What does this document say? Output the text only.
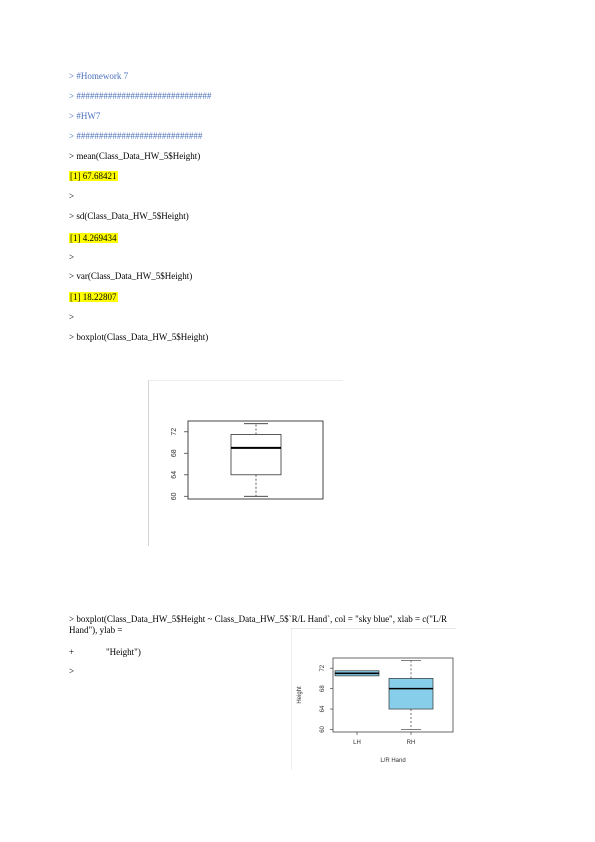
> #Homework 7
> ##############################
> #HW7
> ############################
> mean(Class_Data_HW_5$Height)
[1] 67.68421
>
> sd(Class_Data_HW_5$Height)
[1] 4.269434
>
> var(Class_Data_HW_5$Height)
[1] 18.22807
>
> boxplot(Class_Data_HW_5$Height)
60
64
68
72
> boxplot(Class_Data_HW_5$Height ~ Class_Data_HW_5$`R/L Hand`, col = "sky blue", xlab = c("L/R
Hand"), ylab =
+	"Height")
>
60
64
68
72
LH	RH
L/R Hand
Height
